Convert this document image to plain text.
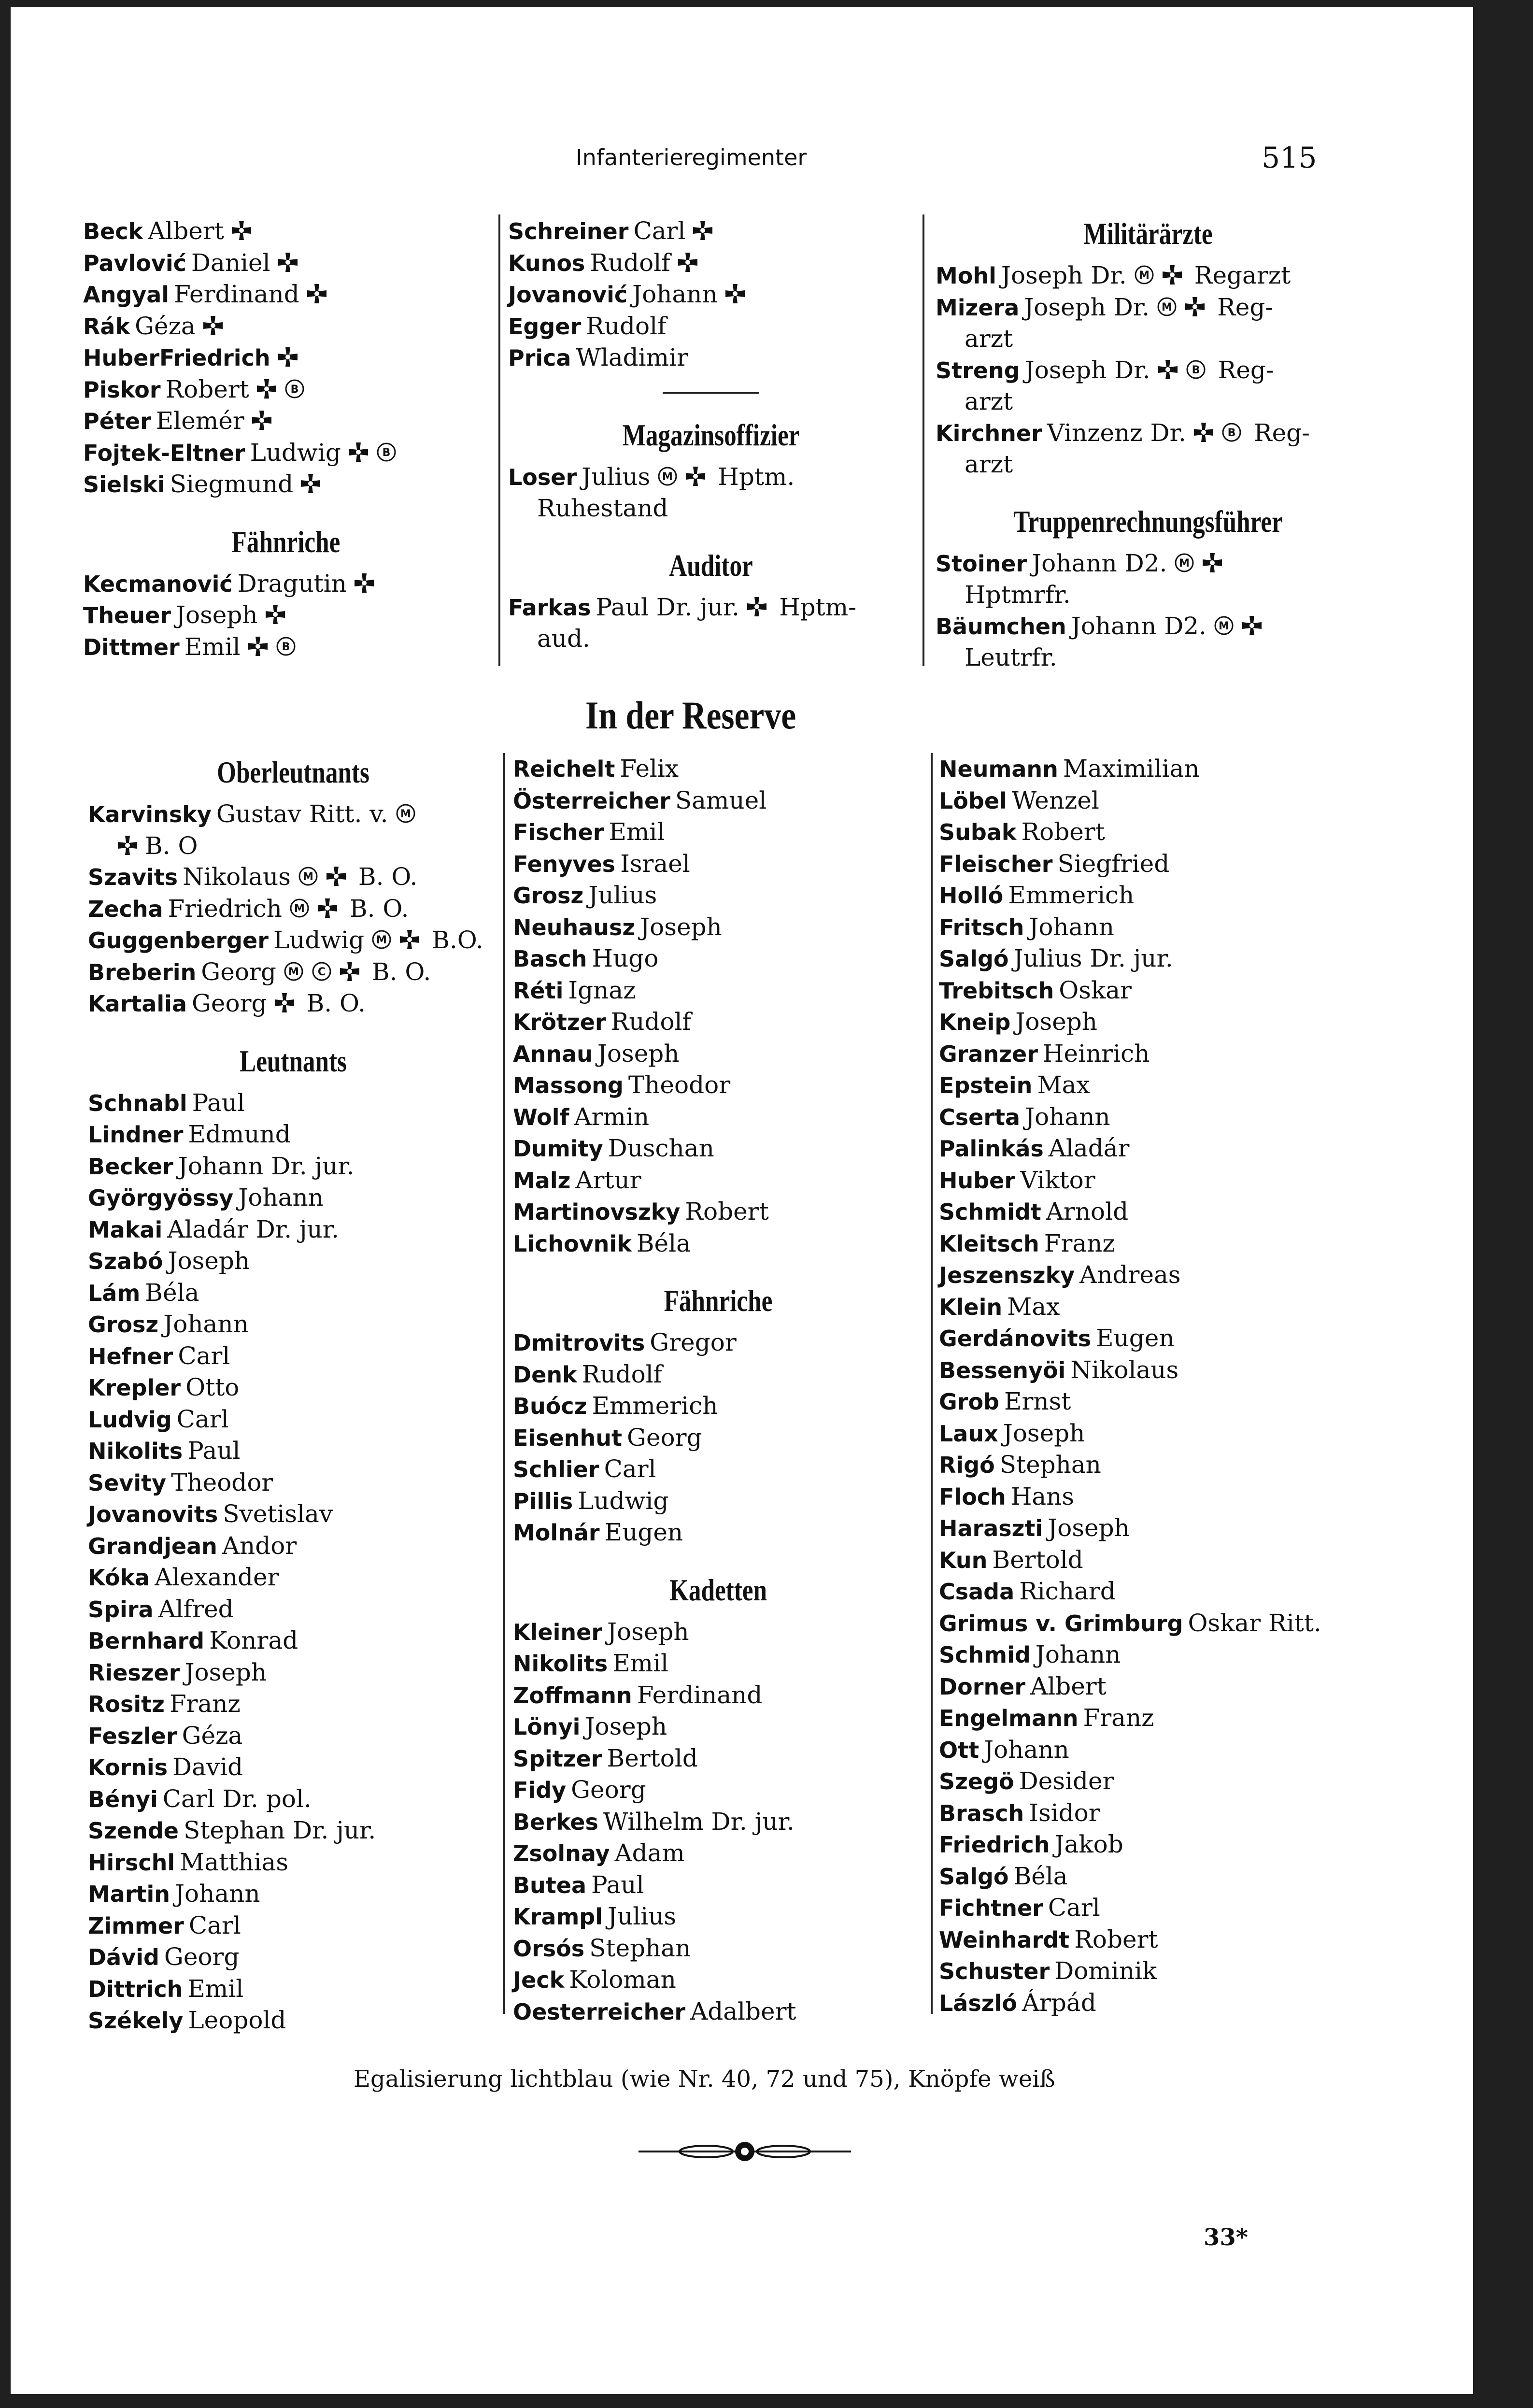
Infanterieregimenter	515
Beck Albert
Pavlović Daniel
Angyal Ferdinand
Rák Géza
HuberFriedrich
Piskor Robert	B
Péter Elemér
Fojtek-Eltner Ludwig	B
Sielski Siegmund
Fähnriche
Kecmanović Dragutin
Theuer Joseph
Dittmer Emil	B
Schreiner Carl
Kunos Rudolf
Jovanović Johann
Egger Rudolf
Prica Wladimir
Magazinsoffizier
Loser Julius M Hptm.
Ruhestand
Auditor
Farkas Paul Dr. jur. Hptm-
aud.
Militärärzte
Mohl Joseph Dr. M Regarzt
Mizera Joseph Dr. M Reg-
arzt
Streng Joseph Dr.	B Reg-
arzt
Kirchner Vinzenz Dr.	B Reg-
arzt
Truppenrechnungsführer
Stoiner Johann D2. M
Hptmrfr.
Bäumchen Johann D2. M
Leutrfr.
In der Reserve
Oberleutnants
Karvinsky Gustav Ritt. v. M
B. O
Szavits Nikolaus M B. O.
Zecha Friedrich M B. O.
Guggenberger Ludwig M B.O.
Breberin Georg M C B. O.
Kartalia Georg B. O.
Leutnants
Schnabl Paul
Lindner Edmund
Becker Johann Dr. jur.
Györgyössy Johann
Makai Aladár Dr. jur.
Szabó Joseph
Lám Béla
Grosz Johann
Hefner Carl
Krepler Otto
Ludvig Carl
Nikolits Paul
Sevity Theodor
Jovanovits Svetislav
Grandjean Andor
Kóka Alexander
Spira Alfred
Bernhard Konrad
Rieszer Joseph
Rositz Franz
Feszler Géza
Kornis David
Bényi Carl Dr. pol.
Szende Stephan Dr. jur.
Hirschl Matthias
Martin Johann
Zimmer Carl
Dávid Georg
Dittrich Emil
Székely Leopold
Reichelt Felix
Österreicher Samuel
Fischer Emil
Fenyves Israel
Grosz Julius
Neuhausz Joseph
Basch Hugo
Réti Ignaz
Krötzer Rudolf
Annau Joseph
Massong Theodor
Wolf Armin
Dumity Duschan
Malz Artur
Martinovszky Robert
Lichovnik Béla
Fähnriche
Dmitrovits Gregor
Denk Rudolf
Buócz Emmerich
Eisenhut Georg
Schlier Carl
Pillis Ludwig
Molnár Eugen
Kadetten
Kleiner Joseph
Nikolits Emil
Zoffmann Ferdinand
Lönyi Joseph
Spitzer Bertold
Fidy Georg
Berkes Wilhelm Dr. jur.
Zsolnay Adam
Butea Paul
Krampl Julius
Orsós Stephan
Jeck Koloman
Oesterreicher Adalbert
Neumann Maximilian
Löbel Wenzel
Subak Robert
Fleischer Siegfried
Holló Emmerich
Fritsch Johann
Salgó Julius Dr. jur.
Trebitsch Oskar
Kneip Joseph
Granzer Heinrich
Epstein Max
Cserta Johann
Palinkás Aladár
Huber Viktor
Schmidt Arnold
Kleitsch Franz
Jeszenszky Andreas
Klein Max
Gerdánovits Eugen
Bessenyöi Nikolaus
Grob Ernst
Laux Joseph
Rigó Stephan
Floch Hans
Haraszti Joseph
Kun Bertold
Csada Richard
Grimus v. Grimburg Oskar Ritt.
Schmid Johann
Dorner Albert
Engelmann Franz
Ott Johann
Szegö Desider
Brasch Isidor
Friedrich Jakob
Salgó Béla
Fichtner Carl
Weinhardt Robert
Schuster Dominik
László Árpád
Egalisierung lichtblau (wie Nr. 40, 72 und 75), Knöpfe weiß
33*
